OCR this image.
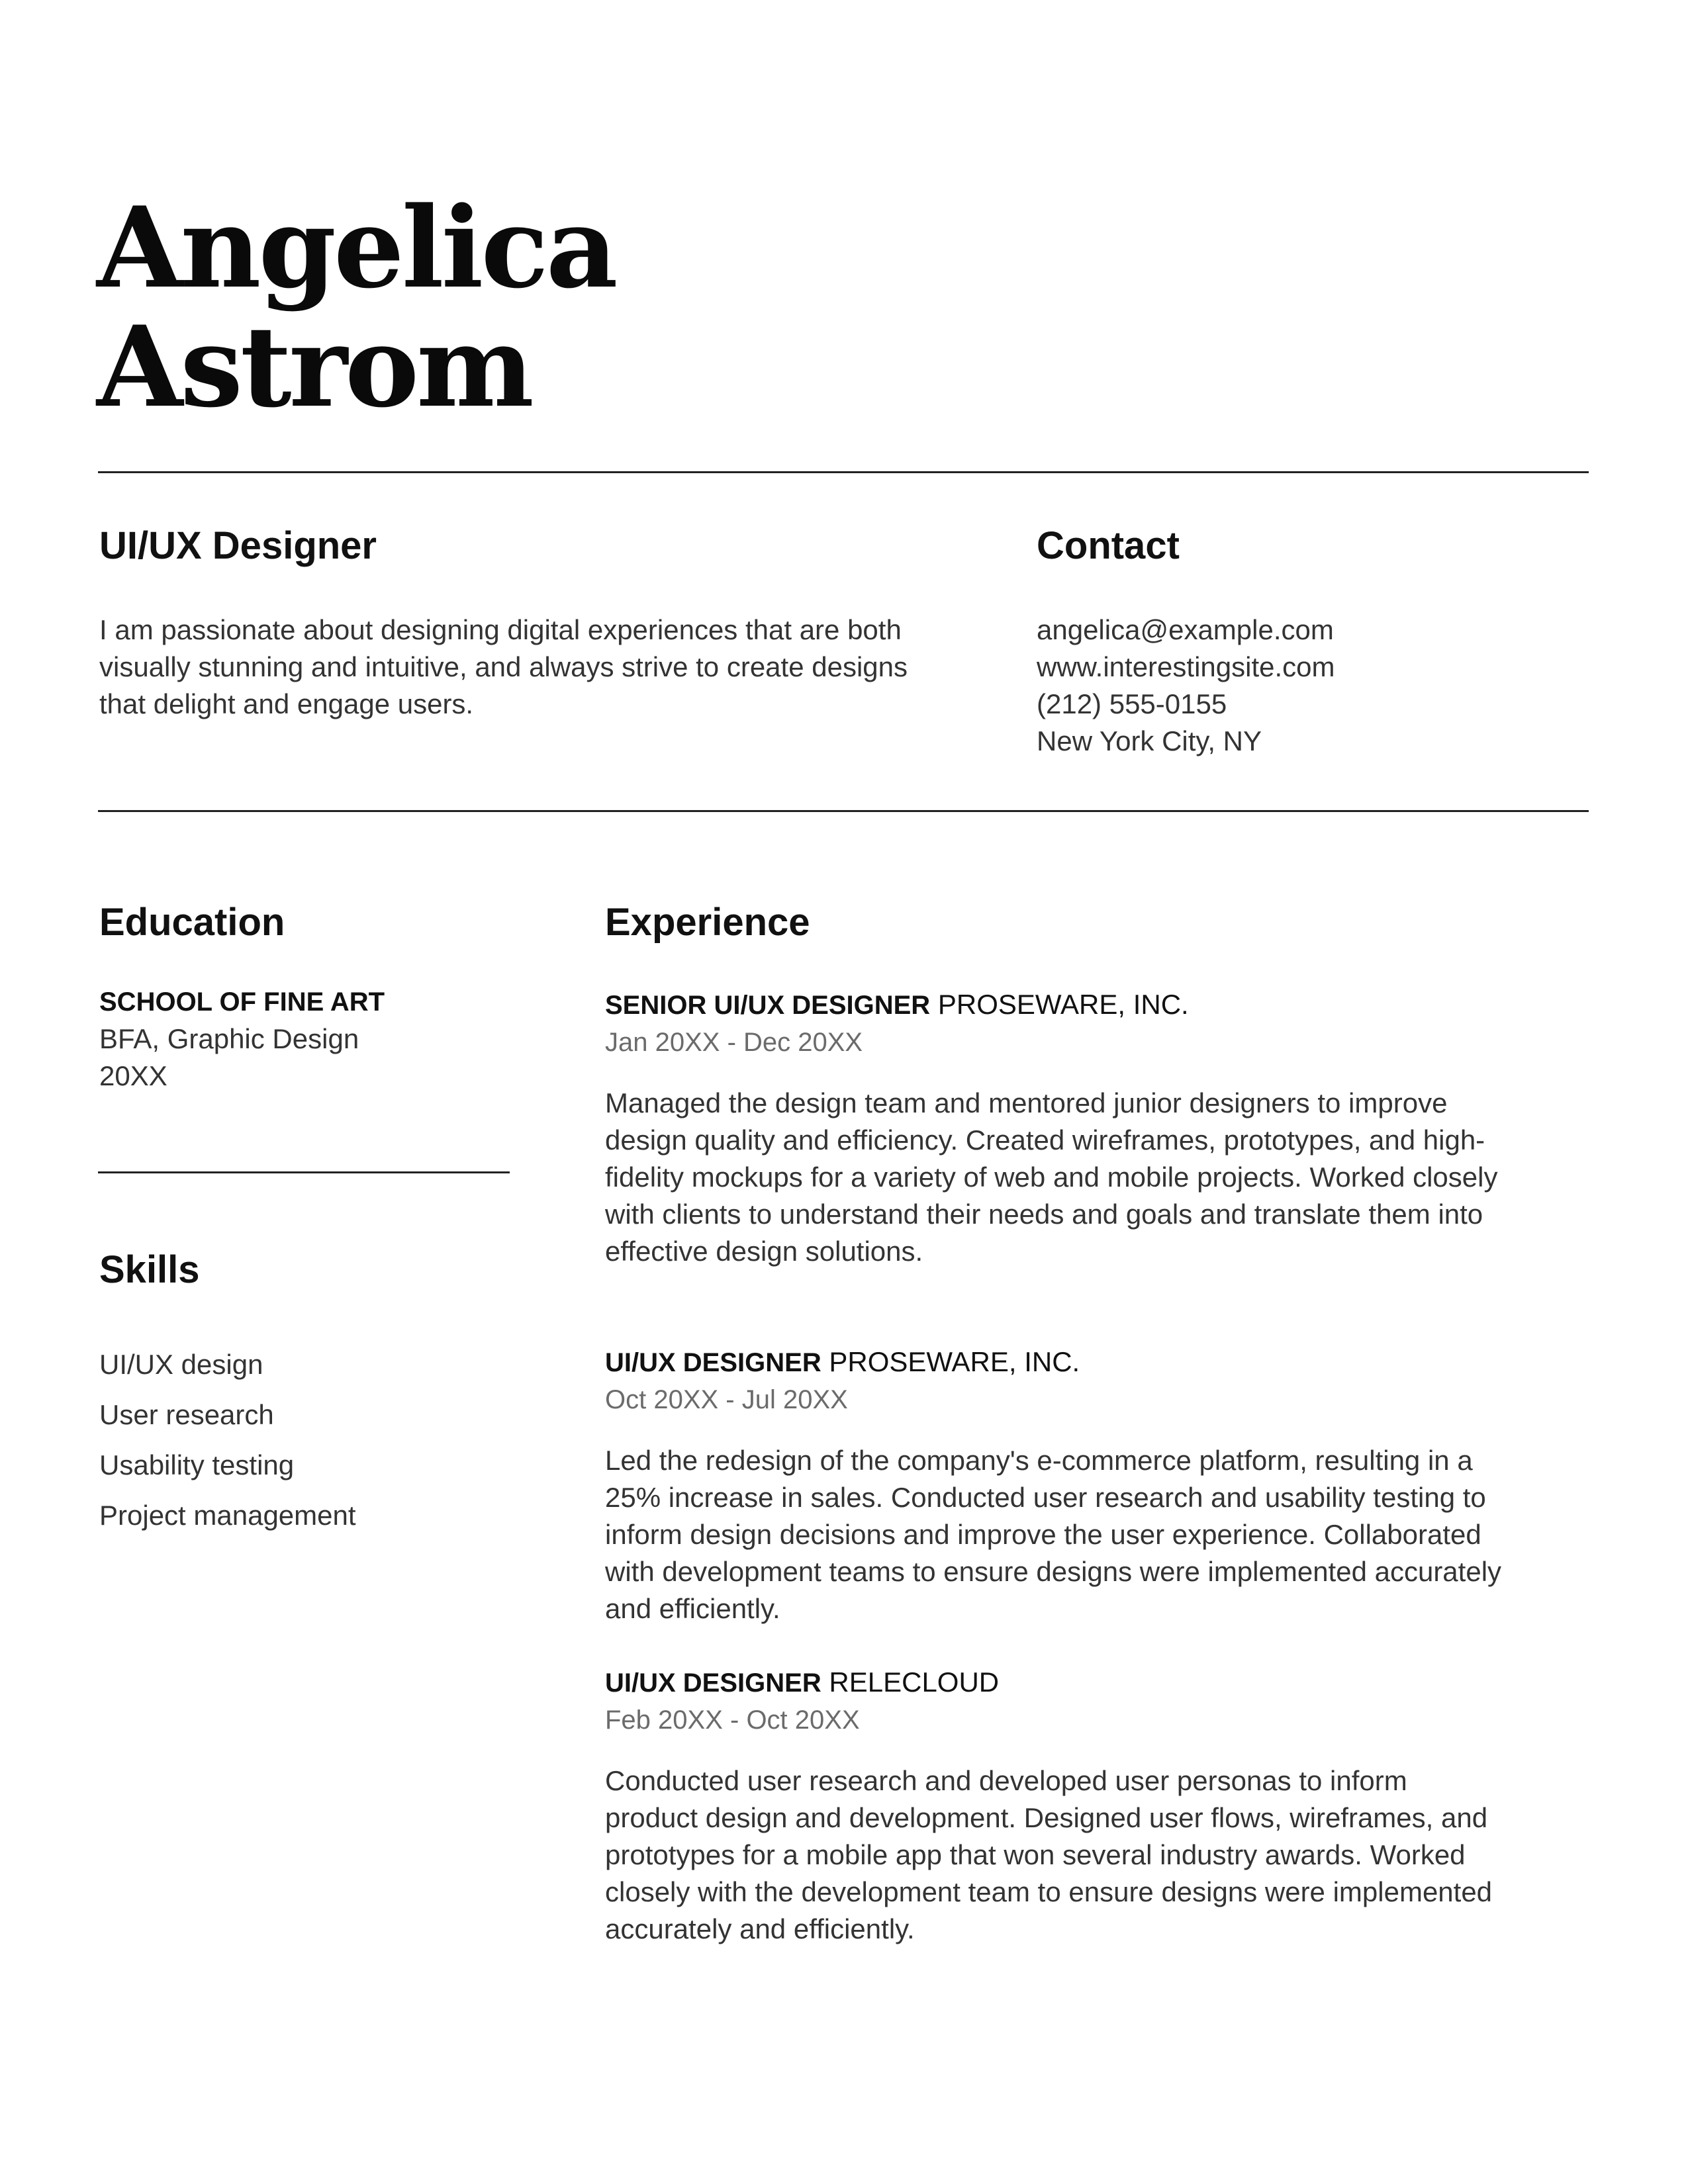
Angelica
Astrom
UI/UX Designer
I am passionate about designing digital experiences that are both visually stunning and intuitive, and always strive to create designs that delight and engage users.
Contact
angelica@example.com
www.interestingsite.com
(212) 555-0155
New York City, NY
Education
SCHOOL OF FINE ART
BFA, Graphic Design
20XX
Skills
UI/UX design
User research
Usability testing
Project management
Experience
SENIOR UI/UX DESIGNER PROSEWARE, INC.
Jan 20XX - Dec 20XX
Managed the design team and mentored junior designers to improve design quality and efficiency. Created wireframes, prototypes, and high-fidelity mockups for a variety of web and mobile projects. Worked closely with clients to understand their needs and goals and translate them into effective design solutions.
UI/UX DESIGNER PROSEWARE, INC.
Oct 20XX - Jul 20XX
Led the redesign of the company's e-commerce platform, resulting in a 25% increase in sales. Conducted user research and usability testing to inform design decisions and improve the user experience. Collaborated with development teams to ensure designs were implemented accurately and efficiently.
UI/UX DESIGNER RELECLOUD
Feb 20XX - Oct 20XX
Conducted user research and developed user personas to inform product design and development. Designed user flows, wireframes, and prototypes for a mobile app that won several industry awards. Worked closely with the development team to ensure designs were implemented accurately and efficiently.
